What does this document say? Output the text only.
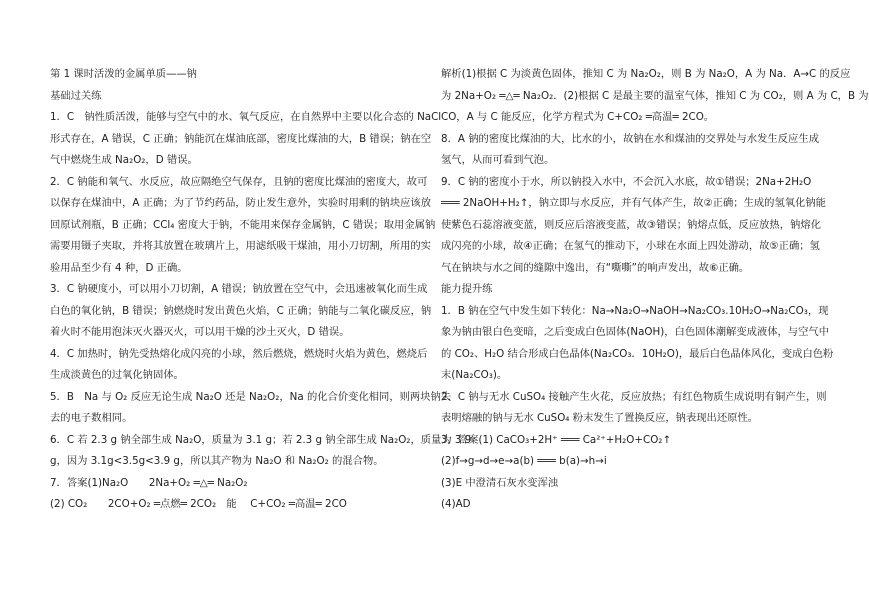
第 1 课时活泼的金属单质——钠
基础过关练
1．C　钠性质活泼，能够与空气中的水、氧气反应，在自然界中主要以化合态的 NaCl
形式存在，A 错误，C 正确；钠能沉在煤油底部，密度比煤油的大，B 错误；钠在空
气中燃烧生成 Na₂O₂，D 错误。
2．C 钠能和氧气、水反应，故应隔绝空气保存，且钠的密度比煤油的密度大，故可
以保存在煤油中，A 正确；为了节约药品，防止发生意外，实验时用剩的钠块应该放
回原试剂瓶，B 正确；CCl₄ 密度大于钠，不能用来保存金属钠，C 错误；取用金属钠
需要用镊子夹取，并将其放置在玻璃片上，用滤纸吸干煤油，用小刀切割，所用的实
验用品至少有 4 种，D 正确。
3．C 钠硬度小，可以用小刀切割，A 错误；钠放置在空气中，会迅速被氧化而生成
白色的氧化钠，B 错误；钠燃烧时发出黄色火焰，C 正确；钠能与二氧化碳反应，钠
着火时不能用泡沫灭火器灭火，可以用干燥的沙土灭火，D 错误。
4．C 加热时，钠先受热熔化成闪亮的小球，然后燃烧，燃烧时火焰为黄色，燃烧后
生成淡黄色的过氧化钠固体。
5．B　Na 与 O₂ 反应无论生成 Na₂O 还是 Na₂O₂，Na 的化合价变化相同，则两块钠失
去的电子数相同。
6．C 若 2.3 g 钠全部生成 Na₂O，质量为 3.1 g；若 2.3 g 钠全部生成 Na₂O₂，质量为 3.9
g，因为 3.1g<3.5g<3.9 g，所以其产物为 Na₂O 和 Na₂O₂ 的混合物。
7．答案(1)Na₂O　　2Na+O₂ ═△═ Na₂O₂
(2) CO₂　　2CO+O₂ ═点燃═ 2CO₂　能　 C+CO₂ ═高温═ 2CO
解析(1)根据 C 为淡黄色固体，推知 C 为 Na₂O₂，则 B 为 Na₂O，A 为 Na．A→C 的反应
为 2Na+O₂ ═△═ Na₂O₂．(2)根据 C 是最主要的温室气体，推知 C 为 CO₂，则 A 为 C，B 为
CO，A 与 C 能反应，化学方程式为 C+CO₂ ═高温═ 2CO。
8．A 钠的密度比煤油的大，比水的小，故钠在水和煤油的交界处与水发生反应生成
氢气，从而可看到气泡。
9．C 钠的密度小于水，所以钠投入水中，不会沉入水底，故①错误；2Na+2H₂O
═══ 2NaOH+H₂↑，钠立即与水反应，并有气体产生，故②正确；生成的氢氧化钠能
使紫色石蕊溶液变蓝，则反应后溶液变蓝，故③错误；钠熔点低，反应放热，钠熔化
成闪亮的小球，故④正确；在氢气的推动下，小球在水面上四处游动，故⑤正确；氢
气在钠块与水之间的缝隙中逸出，有“嘶嘶”的响声发出，故⑥正确。
能力提升练
1．B 钠在空气中发生如下转化：Na→Na₂O→NaOH→Na₂CO₃.10H₂O→Na₂CO₃，现
象为钠由银白色变暗，之后变成白色固体(NaOH)，白色固体潮解变成液体，与空气中
的 CO₂、H₂O 结合形成白色晶体(Na₂CO₃．10H₂O)，最后白色晶体风化，变成白色粉
末(Na₂CO₃)。
2．C 钠与无水 CuSO₄ 接触产生火花，反应放热；有红色物质生成说明有铜产生，则
表明熔融的钠与无水 CuSO₄ 粉末发生了置换反应，钠表现出还原性。
3．答案(1) CaCO₃+2H⁺ ═══ Ca²⁺+H₂O+CO₂↑
(2)f→g→d→e→a(b) ═══ b(a)→h→i
(3)E 中澄清石灰水变浑浊
(4)AD
